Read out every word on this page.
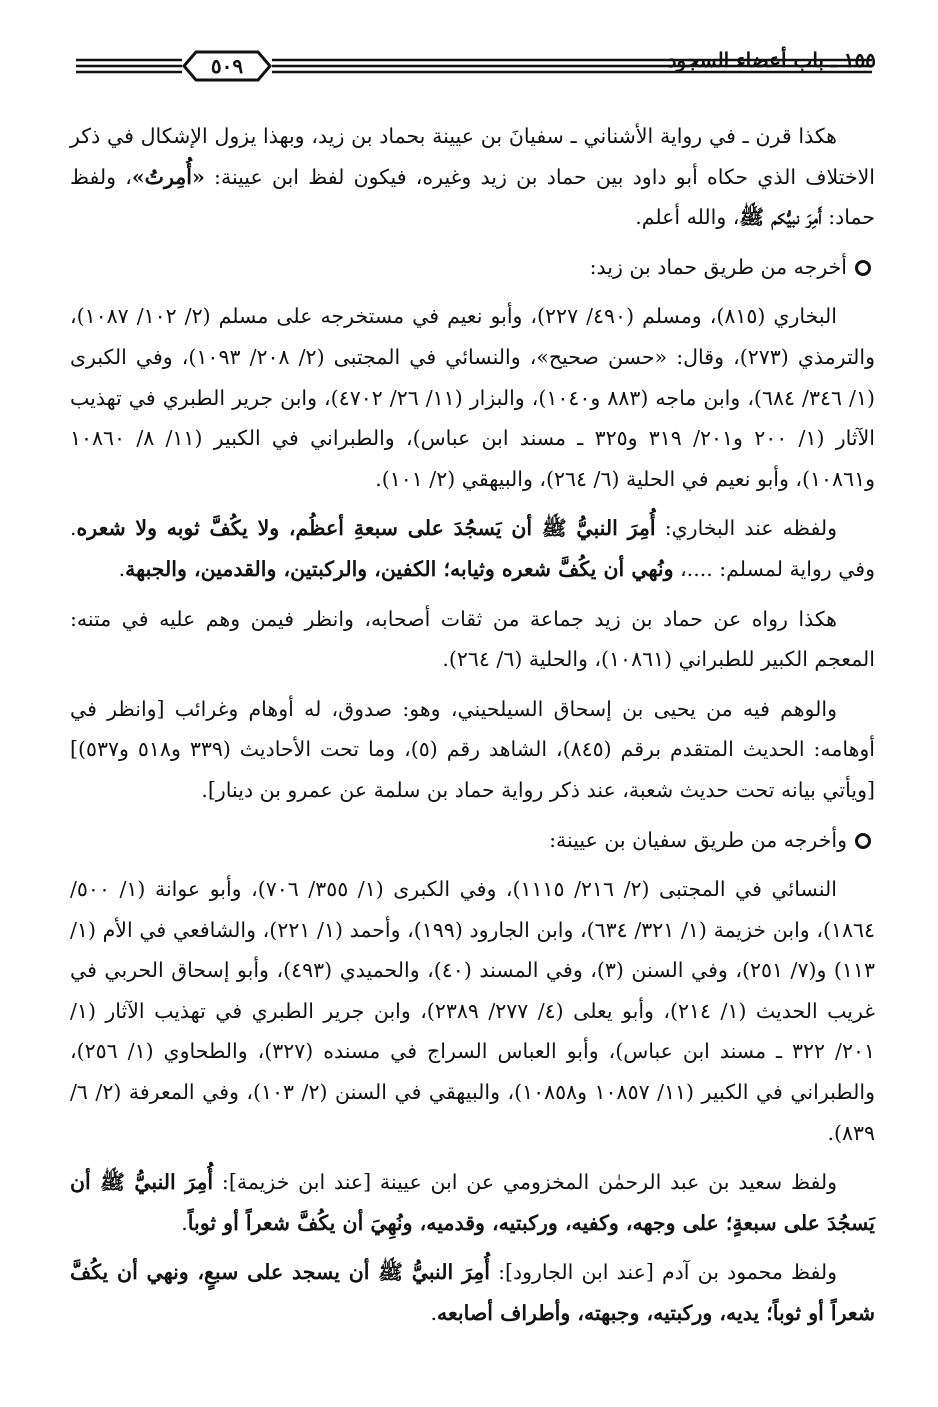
٥٠٩	١٥٥ ـ باب أعضاء السجود

هكذا قرن ـ في رواية الأشناني ـ سفيانَ بن عيينة بحماد بن زيد، وبهذا يزول الإشكال في ذكر الاختلاف الذي حكاه أبو داود بين حماد بن زيد وغيره، فيكون لفظ ابن عيينة: «أُمِرتُ»، ولفظ حماد: أَمِرَ نبيُّكم ﷺ، والله أعلم.

أخرجه من طريق حماد بن زيد:

البخاري (٨١٥)، ومسلم (٤٩٠/ ٢٢٧)، وأبو نعيم في مستخرجه على مسلم (٢/ ١٠٢/ ١٠٨٧)، والترمذي (٢٧٣)، وقال: «حسن صحيح»، والنسائي في المجتبى (٢/ ٢٠٨/ ١٠٩٣)، وفي الكبرى (١/ ٣٤٦/ ٦٨٤)، وابن ماجه (٨٨٣ و١٠٤٠)، والبزار (١١/ ٢٦/ ٤٧٠٢)، وابن جرير الطبري في تهذيب الآثار (١/ ٢٠٠ و٢٠١/ ٣١٩ و٣٢٥ ـ مسند ابن عباس)، والطبراني في الكبير (١١/ ٨/ ١٠٨٦٠ و١٠٨٦١)، وأبو نعيم في الحلية (٦/ ٢٦٤)، والبيهقي (٢/ ١٠١).

ولفظه عند البخاري: أُمِرَ النبيُّ ﷺ أن يَسجُدَ على سبعةِ أعظُم، ولا يكُفَّ ثوبه ولا شعره. وفي رواية لمسلم: ....، ونُهي أن يكُفَّ شعره وثيابه؛ الكفين، والركبتين، والقدمين، والجبهة.

هكذا رواه عن حماد بن زيد جماعة من ثقات أصحابه، وانظر فيمن وهم عليه في متنه: المعجم الكبير للطبراني (١٠٨٦١)، والحلية (٦/ ٢٦٤).

والوهم فيه من يحيى بن إسحاق السيلحيني، وهو: صدوق، له أوهام وغرائب [وانظر في أوهامه: الحديث المتقدم برقم (٨٤٥)، الشاهد رقم (٥)، وما تحت الأحاديث (٣٣٩ و٥١٨ و٥٣٧)] [ويأتي بيانه تحت حديث شعبة، عند ذكر رواية حماد بن سلمة عن عمرو بن دينار].

وأخرجه من طريق سفيان بن عيينة:

النسائي في المجتبى (٢/ ٢١٦/ ١١١٥)، وفي الكبرى (١/ ٣٥٥/ ٧٠٦)، وأبو عوانة (١/ ٥٠٠/ ١٨٦٤)، وابن خزيمة (١/ ٣٢١/ ٦٣٤)، وابن الجارود (١٩٩)، وأحمد (١/ ٢٢١)، والشافعي في الأم (١/ ١١٣) و(٧/ ٢٥١)، وفي السنن (٣)، وفي المسند (٤٠)، والحميدي (٤٩٣)، وأبو إسحاق الحربي في غريب الحديث (١/ ٢١٤)، وأبو يعلى (٤/ ٢٧٧/ ٢٣٨٩)، وابن جرير الطبري في تهذيب الآثار (١/ ٢٠١/ ٣٢٢ ـ مسند ابن عباس)، وأبو العباس السراج في مسنده (٣٢٧)، والطحاوي (١/ ٢٥٦)، والطبراني في الكبير (١١/ ١٠٨٥٧ و١٠٨٥٨)، والبيهقي في السنن (٢/ ١٠٣)، وفي المعرفة (٢/ ٦/ ٨٣٩).

ولفظ سعيد بن عبد الرحمٰن المخزومي عن ابن عيينة [عند ابن خزيمة]: أُمِرَ النبيُّ ﷺ أن يَسجُدَ على سبعةٍ؛ على وجهه، وكفيه، وركبتيه، وقدميه، ونُهِيَ أن يكُفَّ شعراً أو ثوباً.

ولفظ محمود بن آدم [عند ابن الجارود]: أُمِرَ النبيُّ ﷺ أن يسجد على سبعٍ، ونهي أن يكُفَّ شعراً أو ثوباً؛ يديه، وركبتيه، وجبهته، وأطراف أصابعه.
